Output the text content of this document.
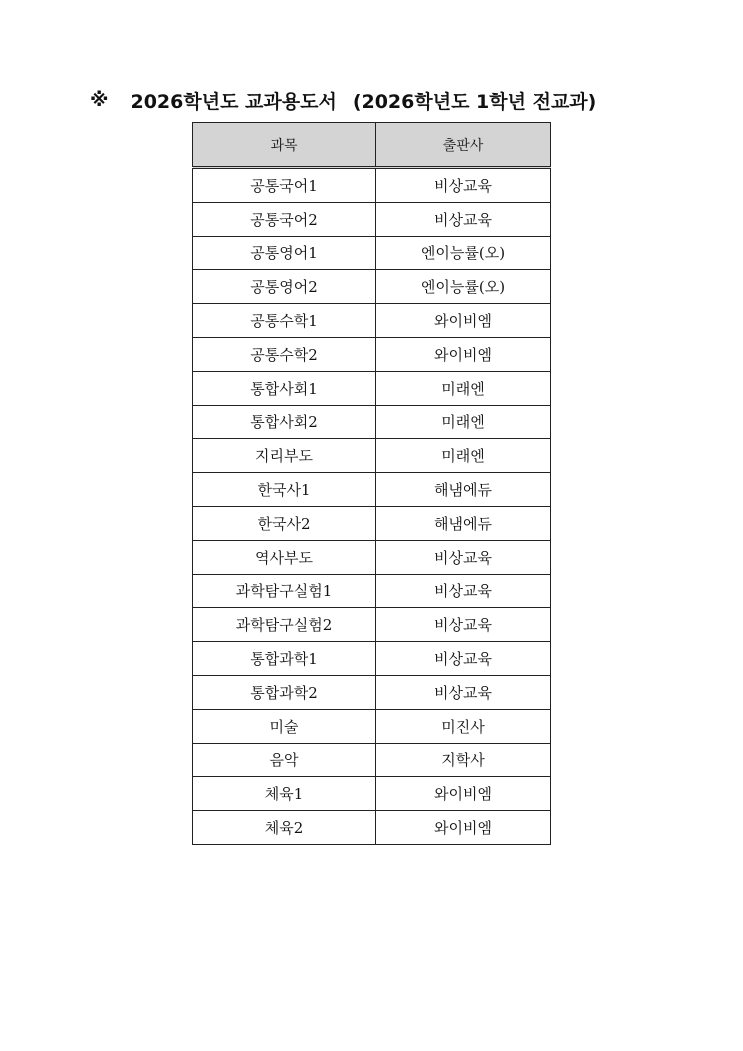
※ 2026학년도 교과용도서 (2026학년도 1학년 전교과)
과목	출판사
공통국어1	비상교육
공통국어2	비상교육
공통영어1	엔이능률(오)
공통영어2	엔이능률(오)
공통수학1	와이비엠
공통수학2	와이비엠
통합사회1	미래엔
통합사회2	미래엔
지리부도	미래엔
한국사1	해냄에듀
한국사2	해냄에듀
역사부도	비상교육
과학탐구실험1	비상교육
과학탐구실험2	비상교육
통합과학1	비상교육
통합과학2	비상교육
미술	미진사
음악	지학사
체육1	와이비엠
체육2	와이비엠
